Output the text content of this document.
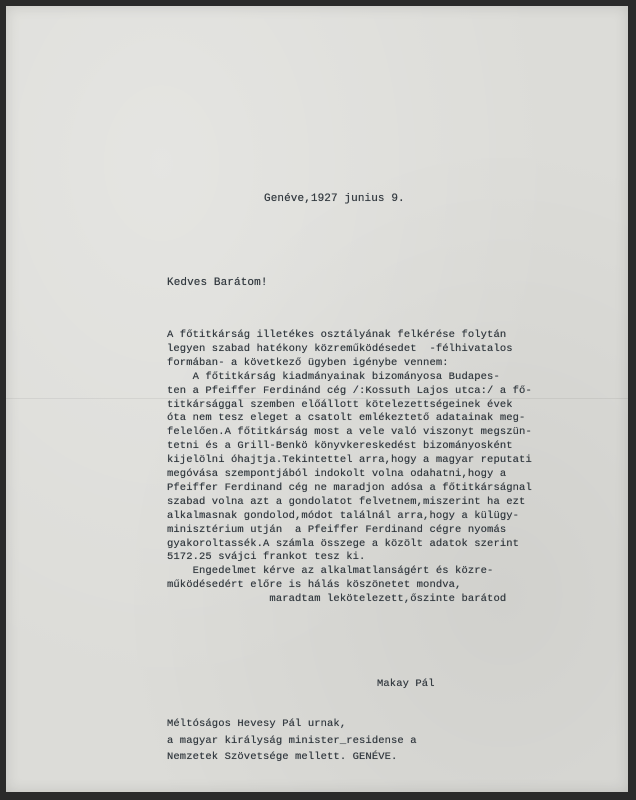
Genéve,1927 junius 9.
Kedves Barátom!
A főtitkárság illetékes osztályának felkérése folytán
legyen szabad hatékony közreműködésedet  -félhivatalos
formában- a következő ügyben igénybe vennem:
A főtitkárság kiadmányainak bizományosa Budapes-
ten a Pfeiffer Ferdinánd cég /:Kossuth Lajos utca:/ a fő-
titkársággal szemben előállott kötelezettségeinek évek
óta nem tesz eleget a csatolt emlékeztető adatainak meg-
felelően.A főtitkárság most a vele való viszonyt megszün-
tetni és a Grill-Benkö könyvkereskedést bizományosként
kijelölni óhajtja.Tekintettel arra,hogy a magyar reputati
megóvása szempontjából indokolt volna odahatni,hogy a
Pfeiffer Ferdinand cég ne maradjon adósa a főtitkárságnal
szabad volna azt a gondolatot felvetnem,miszerint ha ezt
alkalmasnak gondolod,módot találnál arra,hogy a külügy-
minisztérium utján  a Pfeiffer Ferdinand cégre nyomás
gyakoroltassék.A számla összege a közölt adatok szerint
5172.25 svájci frankot tesz ki.
Engedelmet kérve az alkalmatlanságért és közre-
működésedért előre is hálás köszönetet mondva,
maradtam lekötelezett,őszinte barátod
Makay Pál
Méltóságos Hevesy Pál urnak,
a magyar királyság minister_residense a
Nemzetek Szövetsége mellett. GENÉVE.
